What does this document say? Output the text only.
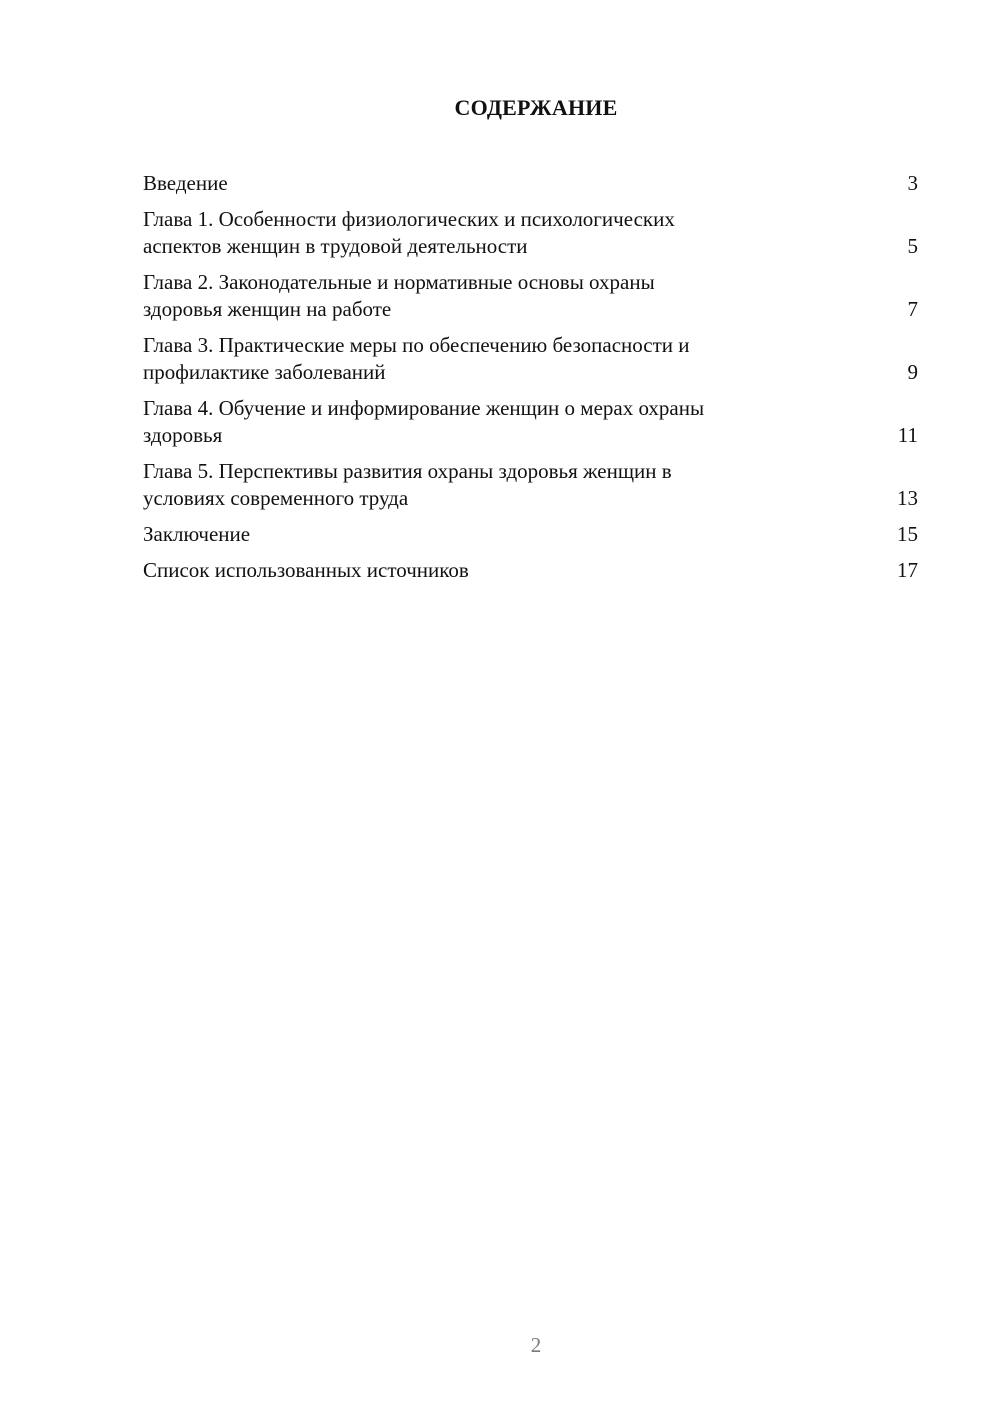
СОДЕРЖАНИЕ
Введение	3
Глава 1. Особенности физиологических и психологических
аспектов женщин в трудовой деятельности	5
Глава 2. Законодательные и нормативные основы охраны
здоровья женщин на работе	7
Глава 3. Практические меры по обеспечению безопасности и
профилактике заболеваний	9
Глава 4. Обучение и информирование женщин о мерах охраны
здоровья	11
Глава 5. Перспективы развития охраны здоровья женщин в
условиях современного труда	13
Заключение	15
Список использованных источников	17
2
